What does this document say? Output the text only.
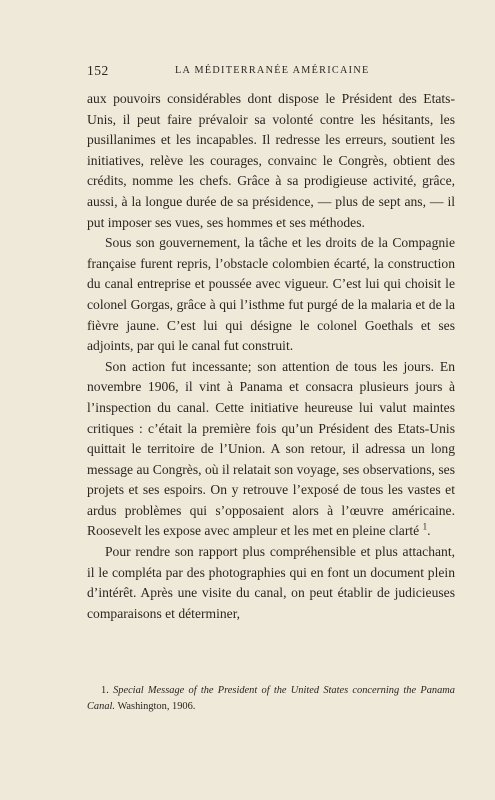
152	LA MÉDITERRANÉE AMÉRICAINE

aux pouvoirs considérables dont dispose le Président des Etats-Unis, il peut faire prévaloir sa volonté contre les hésitants, les pusillanimes et les incapables. Il redresse les erreurs, soutient les initiatives, relève les courages, convainc le Congrès, obtient des crédits, nomme les chefs. Grâce à sa prodigieuse activité, grâce, aussi, à la longue durée de sa présidence, — plus de sept ans, — il put imposer ses vues, ses hommes et ses méthodes.

Sous son gouvernement, la tâche et les droits de la Compagnie française furent repris, l’obstacle colombien écarté, la construction du canal entreprise et poussée avec vigueur. C’est lui qui choisit le colonel Gorgas, grâce à qui l’isthme fut purgé de la malaria et de la fièvre jaune. C’est lui qui désigne le colonel Goethals et ses adjoints, par qui le canal fut construit.

Son action fut incessante; son attention de tous les jours. En novembre 1906, il vint à Panama et consacra plusieurs jours à l’inspection du canal. Cette initiative heureuse lui valut maintes critiques : c’était la première fois qu’un Président des Etats-Unis quittait le territoire de l’Union. A son retour, il adressa un long message au Congrès, où il relatait son voyage, ses observations, ses projets et ses espoirs. On y retrouve l’exposé de tous les vastes et ardus problèmes qui s’opposaient alors à l’œuvre américaine. Roosevelt les expose avec ampleur et les met en pleine clarté $^1$.

Pour rendre son rapport plus compréhensible et plus attachant, il le compléta par des photographies qui en font un document plein d’intérêt. Après une visite du canal, on peut établir de judicieuses comparaisons et déterminer,

1. Special Message of the President of the United States concerning the Panama Canal. Washington, 1906.
